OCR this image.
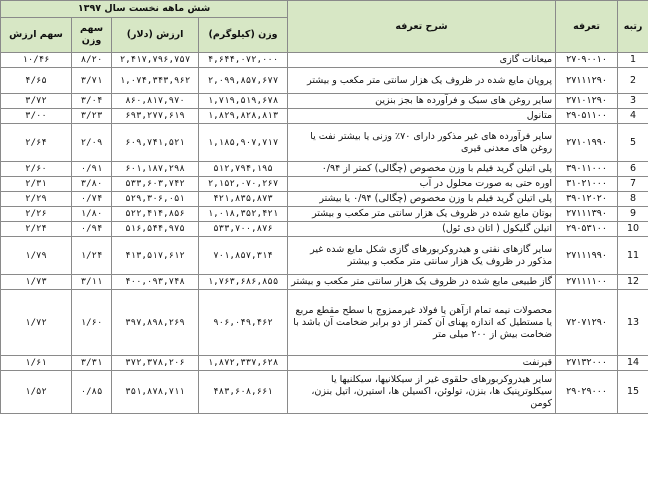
رتبه	تعرفه	شرح تعرفه	شش ماهه نخست سال ۱۳۹۷			
			وزن (کیلوگرم)	ارزش (دلار)	سهم وزن	سهم ارزش
1	۲۷۰۹۰۰۱۰	میعانات گازی	۴,۶۴۴,۰۷۲,۰۰۰	۲,۴۱۷,۷۹۶,۷۵۷	۸/۲۰	۱۰/۴۶
2	۲۷۱۱۱۲۹۰	پروپان مایع شده در ظروف یک هزار سانتی متر مکعب و بیشتر	۲,۰۹۹,۸۵۷,۶۷۷	۱,۰۷۴,۳۴۳,۹۶۲	۳/۷۱	۴/۶۵
3	۲۷۱۰۱۲۹۰	سایر روغن های سبک و فرآورده ها بجز بنزین	۱,۷۱۹,۵۱۹,۶۷۸	۸۶۰,۸۱۷,۹۷۰	۳/۰۴	۳/۷۲
4	۲۹۰۵۱۱۰۰	متانول	۱,۸۲۹,۸۲۸,۸۱۳	۶۹۳,۲۷۷,۶۱۹	۳/۲۳	۳/۰۰
5	۲۷۱۰۱۹۹۰	سایر فرآورده های غیر مذکور دارای ۷۰٪ وزنی یا بیشتر نفت یا روغن های معدنی قیری	۱,۱۸۵,۹۰۷,۷۱۷	۶۰۹,۷۴۱,۵۲۱	۲/۰۹	۲/۶۴
6	۳۹۰۱۱۰۰۰	پلی اتیلن گرید فیلم با وزن مخصوص (چگالی) کمتر از ۰/۹۴	۵۱۲,۷۹۴,۱۹۵	۶۰۱,۱۸۷,۲۹۸	۰/۹۱	۲/۶۰
7	۳۱۰۲۱۰۰۰	اوره حتی به صورت محلول در آب	۲,۱۵۲,۰۷۰,۲۶۷	۵۳۳,۶۰۳,۷۴۲	۳/۸۰	۲/۳۱
8	۳۹۰۱۲۰۲۰	پلی اتیلن گرید فیلم با وزن مخصوص (چگالی) ۰/۹۴ یا بیشتر	۴۲۱,۸۳۵,۸۷۳	۵۲۹,۳۰۶,۰۵۱	۰/۷۴	۲/۲۹
9	۲۷۱۱۱۳۹۰	بوتان مایع شده در ظروف یک هزار سانتی متر مکعب و بیشتر	۱,۰۱۸,۳۵۲,۴۲۱	۵۲۲,۴۱۴,۸۵۶	۱/۸۰	۲/۲۶
10	۲۹۰۵۳۱۰۰	اتیلن گلیکول ( اتان دی ئول)	۵۳۳,۷۰۰,۸۷۶	۵۱۶,۵۴۴,۹۷۵	۰/۹۴	۲/۲۴
11	۲۷۱۱۱۹۹۰	سایر گازهای نفتی و هیدروکربورهای گازی شکل مایع شده غیر مذکور در ظروف یک هزار سانتی متر مکعب و بیشتر	۷۰۱,۸۵۷,۳۱۴	۴۱۳,۵۱۷,۶۱۲	۱/۲۴	۱/۷۹
12	۲۷۱۱۱۱۰۰	گاز طبیعی مایع شده در ظروف یک هزار سانتی متر مکعب و بیشتر	۱,۷۶۳,۶۸۶,۸۵۵	۴۰۰,۰۹۳,۷۴۸	۳/۱۱	۱/۷۳
13	۷۲۰۷۱۲۹۰	محصولات نیمه تمام ازآهن یا فولاد غیرممزوج با سطح مقطع مربع یا مستطیل که اندازه پهنای آن کمتر از دو برابر ضخامت آن باشد با ضخامت بیش از ۲۰۰ میلی متر	۹۰۶,۰۴۹,۴۶۲	۳۹۷,۸۹۸,۲۶۹	۱/۶۰	۱/۷۲
14	۲۷۱۳۲۰۰۰	قیرنفت	۱,۸۷۲,۳۳۷,۶۲۸	۳۷۲,۳۷۸,۲۰۶	۳/۳۱	۱/۶۱
15	۲۹۰۲۹۰۰۰	سایر هیدروکربورهای حلقوی غیر از سیکلانیها، سیکلنیها یا سیکلوترپنیک ها، بنزن، تولوئن، اکسیلن ها، استیرن، اتیل بنزن، کومن	۴۸۳,۶۰۸,۶۶۱	۳۵۱,۸۷۸,۷۱۱	۰/۸۵	۱/۵۲
